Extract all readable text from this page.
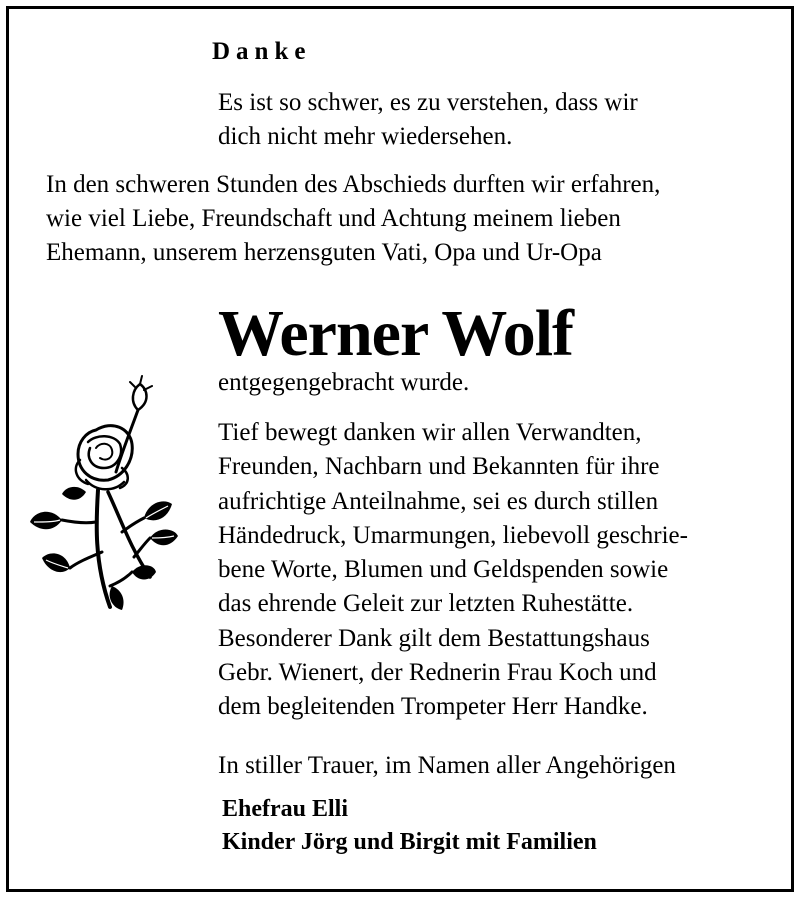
Danke
Es ist so schwer, es zu verstehen, dass wir
dich nicht mehr wiedersehen.
In den schweren Stunden des Abschieds durften wir erfahren,
wie viel Liebe, Freundschaft und Achtung meinem lieben
Ehemann, unserem herzensguten Vati, Opa und Ur-Opa
Werner Wolf
entgegengebracht wurde.
Tief bewegt danken wir allen Verwandten,
Freunden, Nachbarn und Bekannten für ihre
aufrichtige Anteilnahme, sei es durch stillen
Händedruck, Umarmungen, liebevoll geschrie-
bene Worte, Blumen und Geldspenden sowie
das ehrende Geleit zur letzten Ruhestätte.
Besonderer Dank gilt dem Bestattungshaus
Gebr. Wienert, der Rednerin Frau Koch und
dem begleitenden Trompeter Herr Handke.
In stiller Trauer, im Namen aller Angehörigen
Ehefrau Elli
Kinder Jörg und Birgit mit Familien
